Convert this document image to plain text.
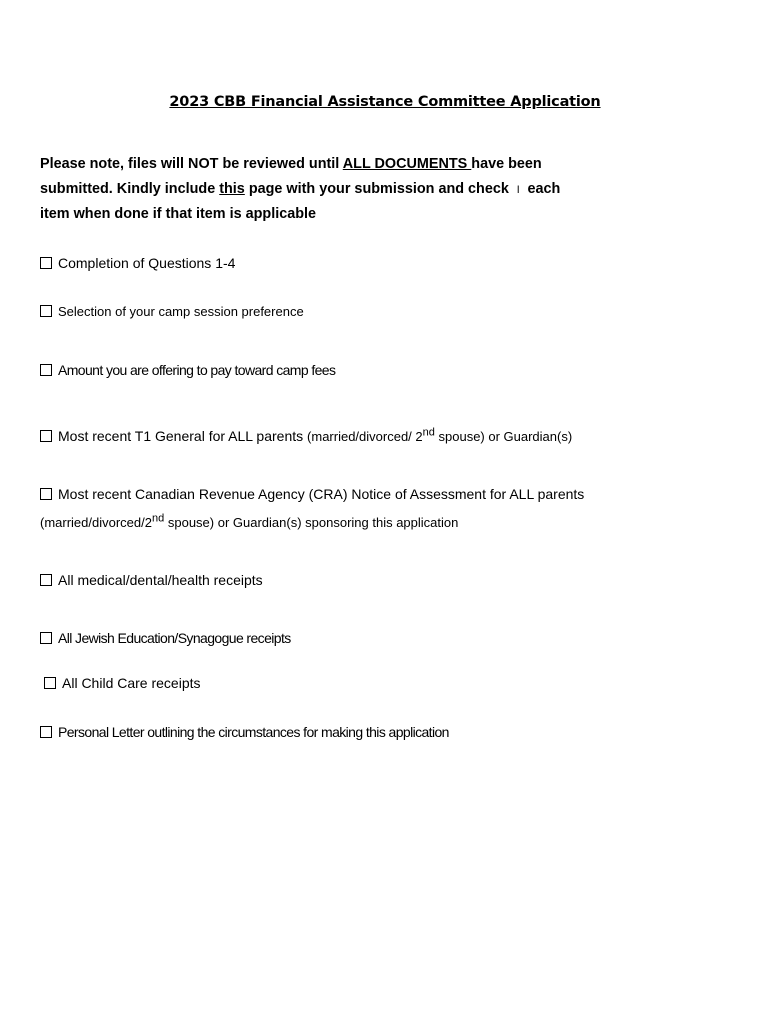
2023 CBB Financial Assistance Committee Application
Please note, files will NOT be reviewed until ALL DOCUMENTS have been submitted. Kindly include this page with your submission and check I each item when done if that item is applicable
Completion of Questions 1-4
Selection of your camp session preference
Amount you are offering to pay toward camp fees
Most recent T1 General for ALL parents (married/divorced/ 2nd spouse) or Guardian(s)
Most recent Canadian Revenue Agency (CRA) Notice of Assessment for ALL parents
(married/divorced/2nd spouse) or Guardian(s) sponsoring this application
All medical/dental/health receipts
All Jewish Education/Synagogue receipts
All Child Care receipts
Personal Letter outlining the circumstances for making this application
